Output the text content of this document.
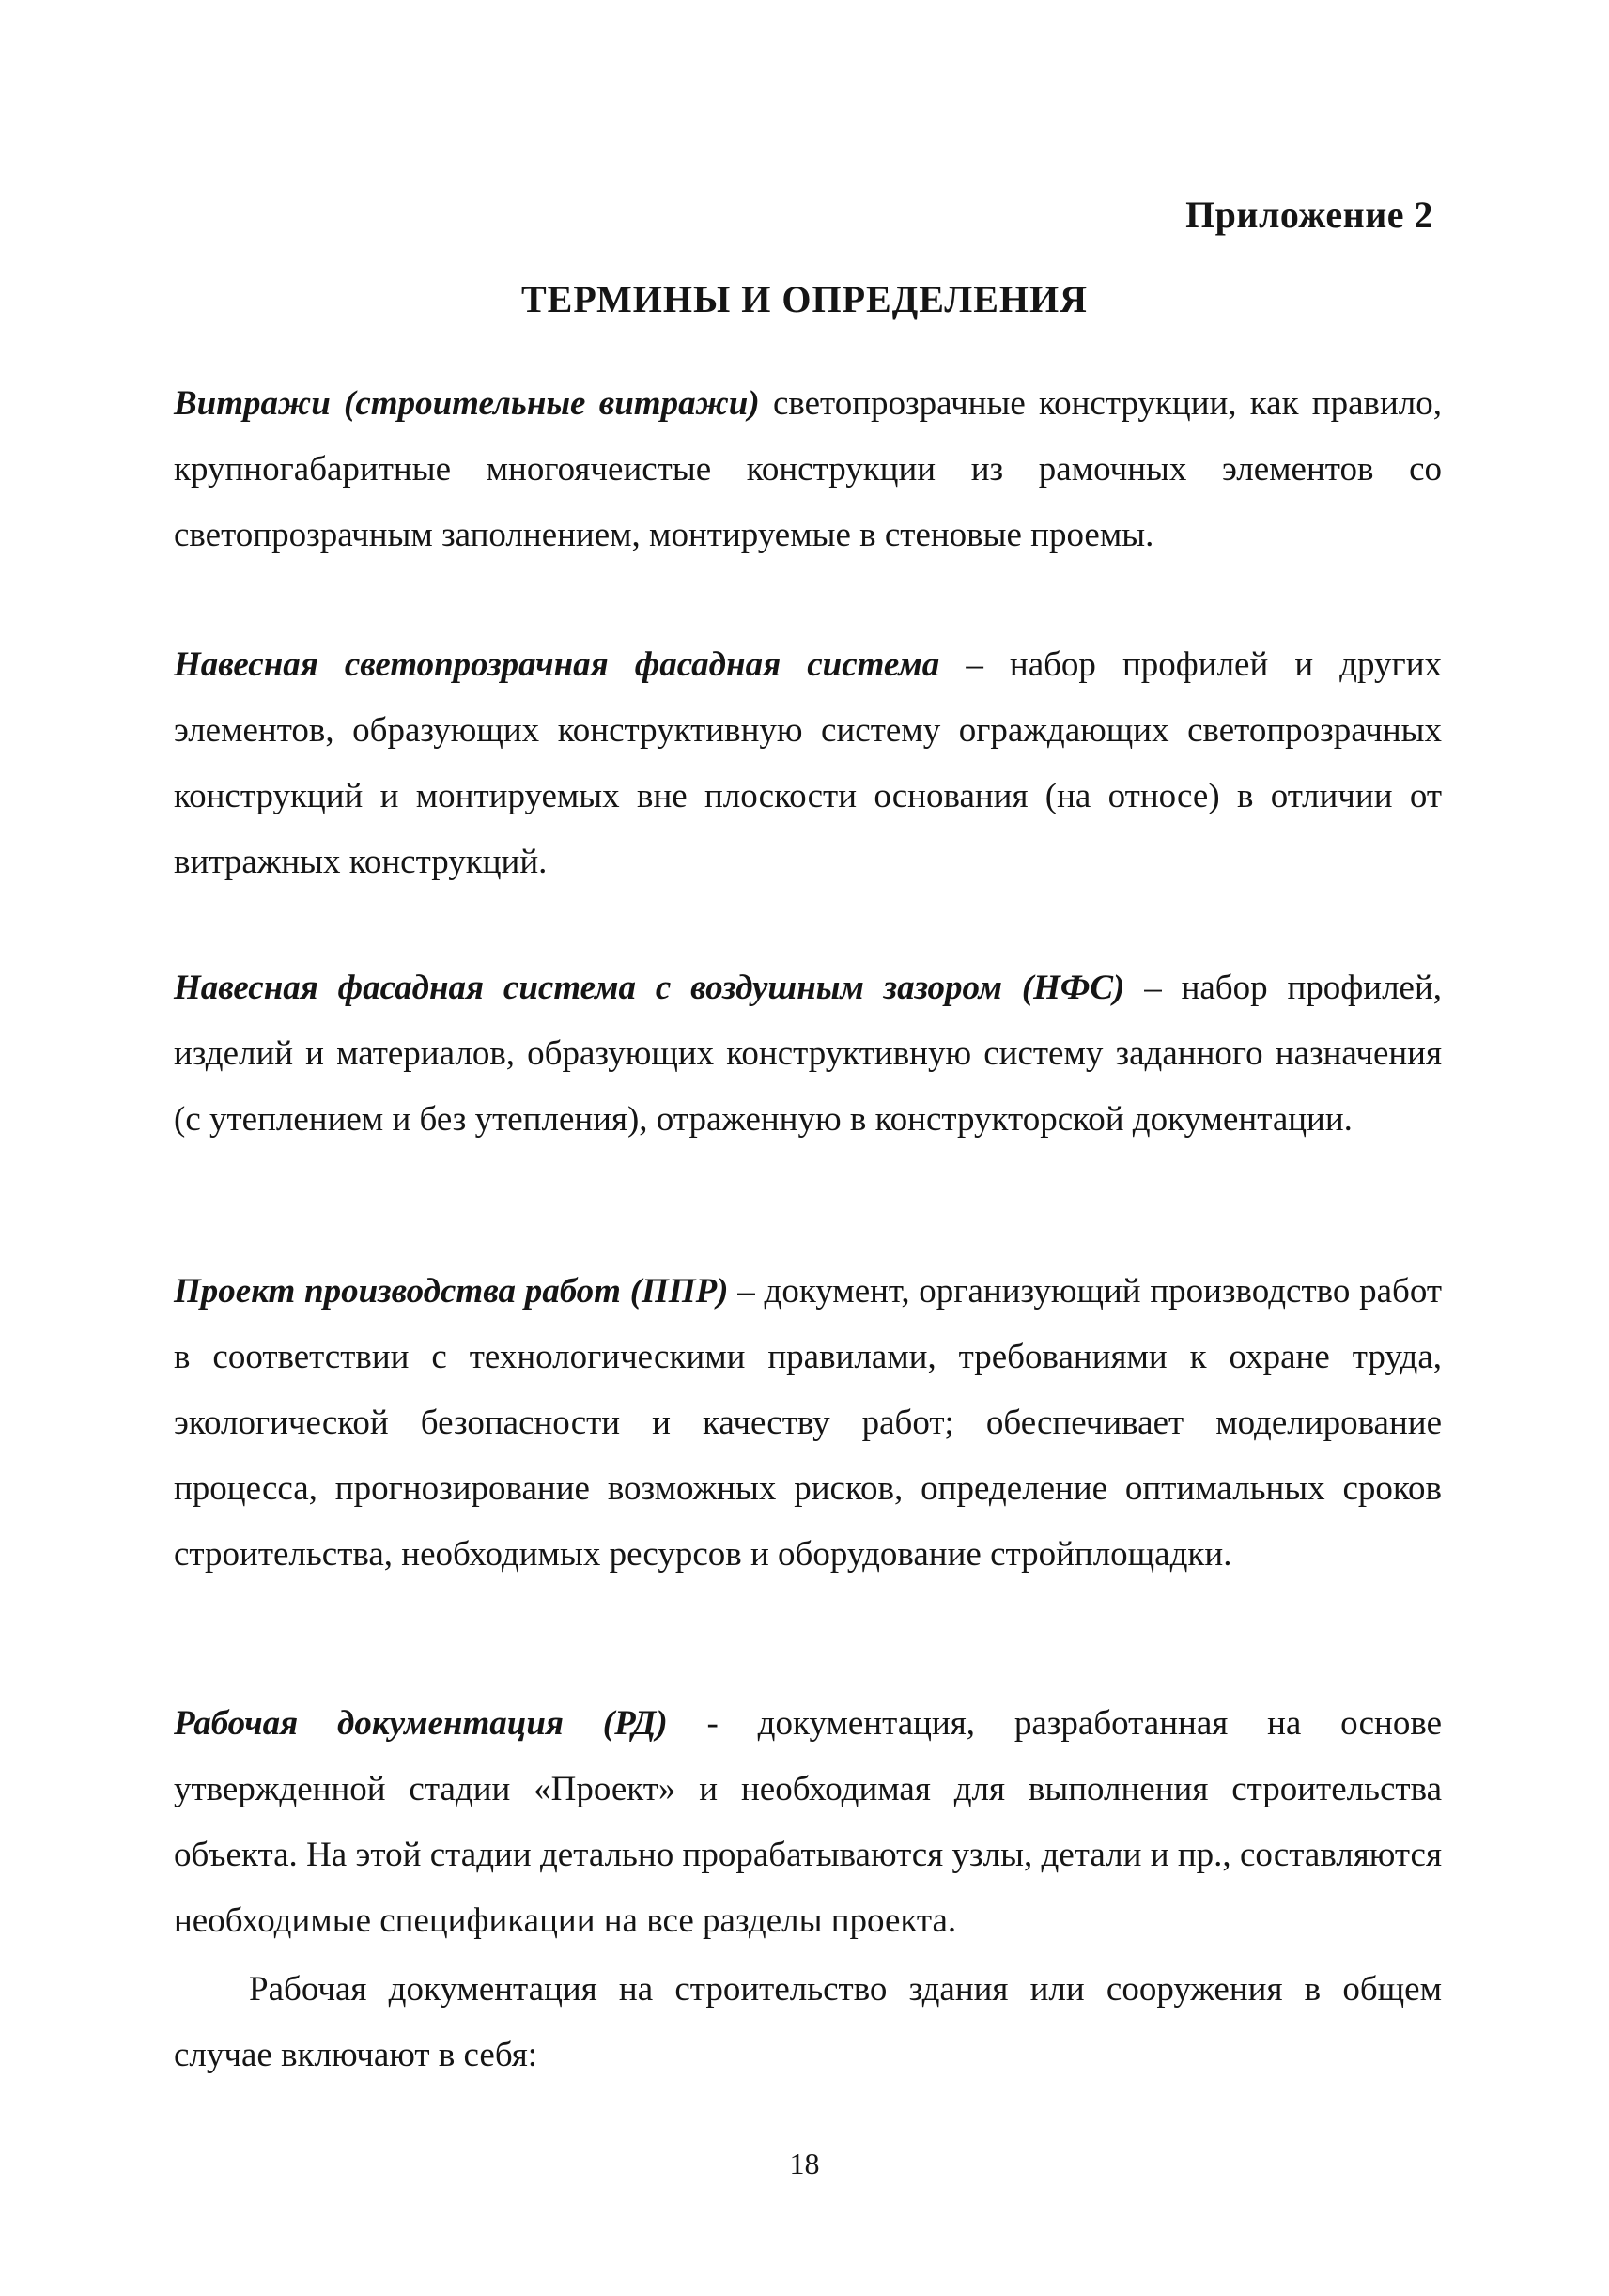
Приложение 2
ТЕРМИНЫ И ОПРЕДЕЛЕНИЯ

Витражи (строительные витражи) светопрозрачные конструкции, как правило, крупногабаритные многоячеистые конструкции из рамочных элементов со светопрозрачным заполнением, монтируемые в стеновые проемы.

Навесная светопрозрачная фасадная система – набор профилей и других элементов, образующих конструктивную систему ограждающих светопрозрачных конструкций и монтируемых вне плоскости основания (на относе) в отличии от витражных конструкций.

Навесная фасадная система с воздушным зазором (НФС) – набор профилей, изделий и материалов, образующих конструктивную систему заданного назначения (с утеплением и без утепления), отраженную в конструкторской документации.

Проект производства работ (ППР) – документ, организующий производство работ в соответствии с технологическими правилами, требованиями к охране труда, экологической безопасности и качеству работ; обеспечивает моделирование процесса, прогнозирование возможных рисков, определение оптимальных сроков строительства, необходимых ресурсов и оборудование стройплощадки.

Рабочая документация (РД) - документация, разработанная на основе утвержденной стадии «Проект» и необходимая для выполнения строительства объекта. На этой стадии детально прорабатываются узлы, детали и пр., составляются необходимые спецификации на все разделы проекта.

Рабочая документация на строительство здания или сооружения в общем случае включают в себя:

18
